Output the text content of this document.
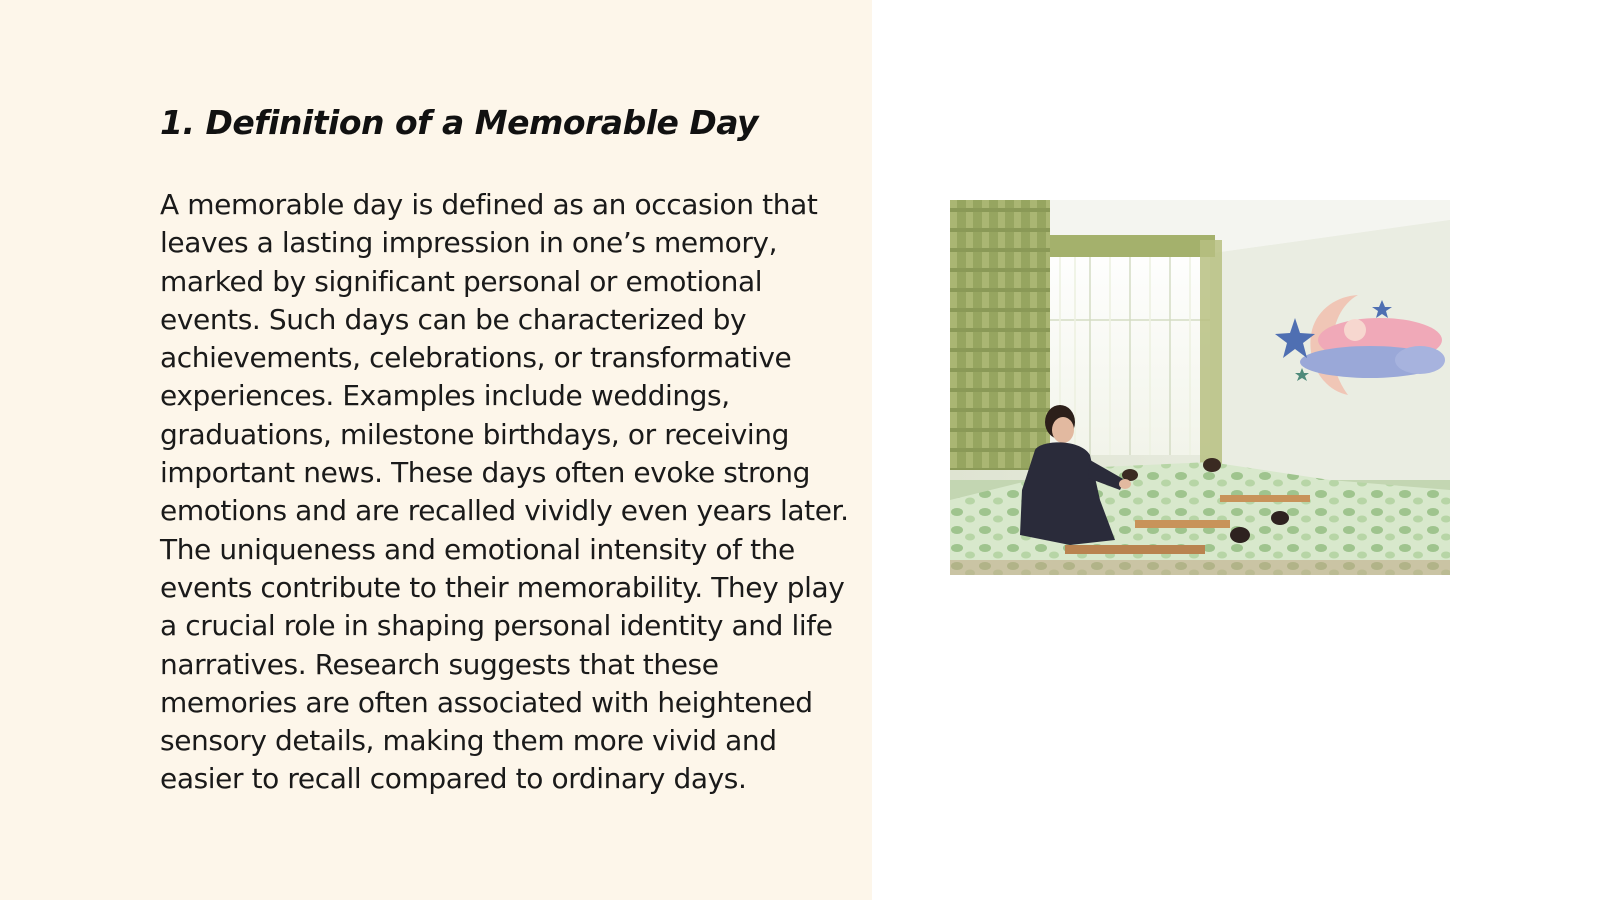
1. Definition of a Memorable Day

A memorable day is defined as an occasion that leaves a lasting impression in one’s memory, marked by significant personal or emotional events. Such days can be characterized by achievements, celebrations, or transformative experiences. Examples include weddings, graduations, milestone birthdays, or receiving important news. These days often evoke strong emotions and are recalled vividly even years later. The uniqueness and emotional intensity of the events contribute to their memorability. They play a crucial role in shaping personal identity and life narratives. Research suggests that these memories are often associated with heightened sensory details, making them more vivid and easier to recall compared to ordinary days.
